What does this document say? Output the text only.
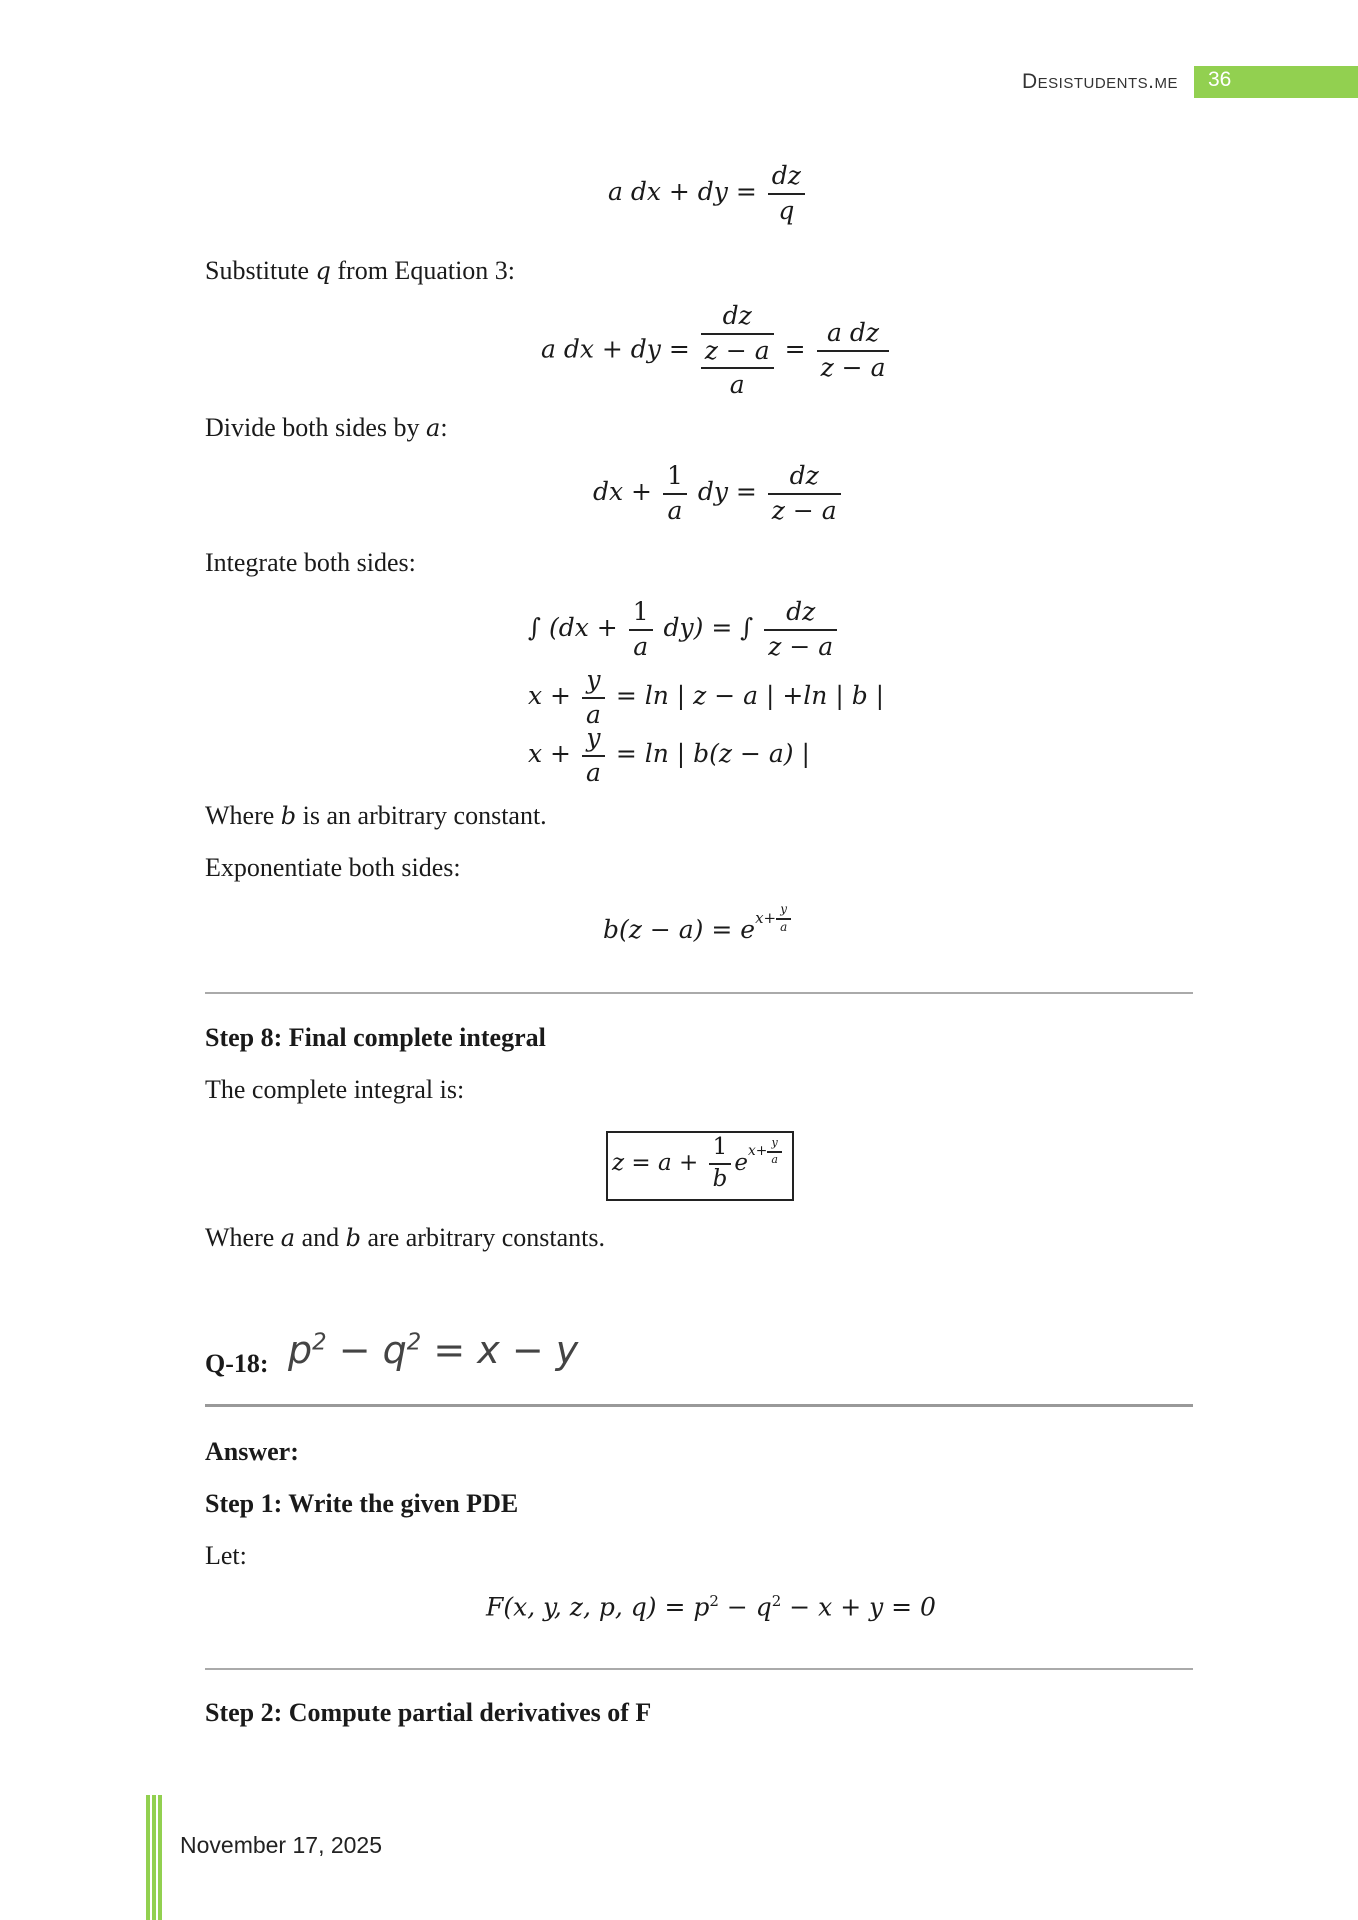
Desistudents.me 36
a dx + dy = $\frac{dz}{q}$
Substitute q from Equation 3:
a dx + dy = $\frac{dz}{\frac{z - a}{a}} = \frac{\text{a dz}}{z - a}$
Divide both sides by a:
dx + $\frac{1}{a}$ dy = $\frac{dz}{z - a}$
Integrate both sides:
∫ $(dx + \frac{1}{a} dy)$ = ∫ $\frac{dz}{z - a}$
$x + \frac{y}{a} = \ln$ | z − a | +ln | b |
$x + \frac{y}{a} = \ln$ | b(z − a) |
Where b is an arbitrary constant.
Exponentiate both sides:
$b(z - a) = e^{x+ \frac{y}{a}}$
Step 8: Final complete integral
The complete integral is:
$z = a + \frac{1}{b} e^{x+ \frac{y}{a}}$
Where a and b are arbitrary constants.
Q-18: $p^2 - q^2 = x - y$
Answer:
Step 1: Write the given PDE
Let:
F(x, y, z, p, $q) = p^2 - q^2 - x + y = 0$
Step 2: Compute partial derivatives of F
November 17, 2025
